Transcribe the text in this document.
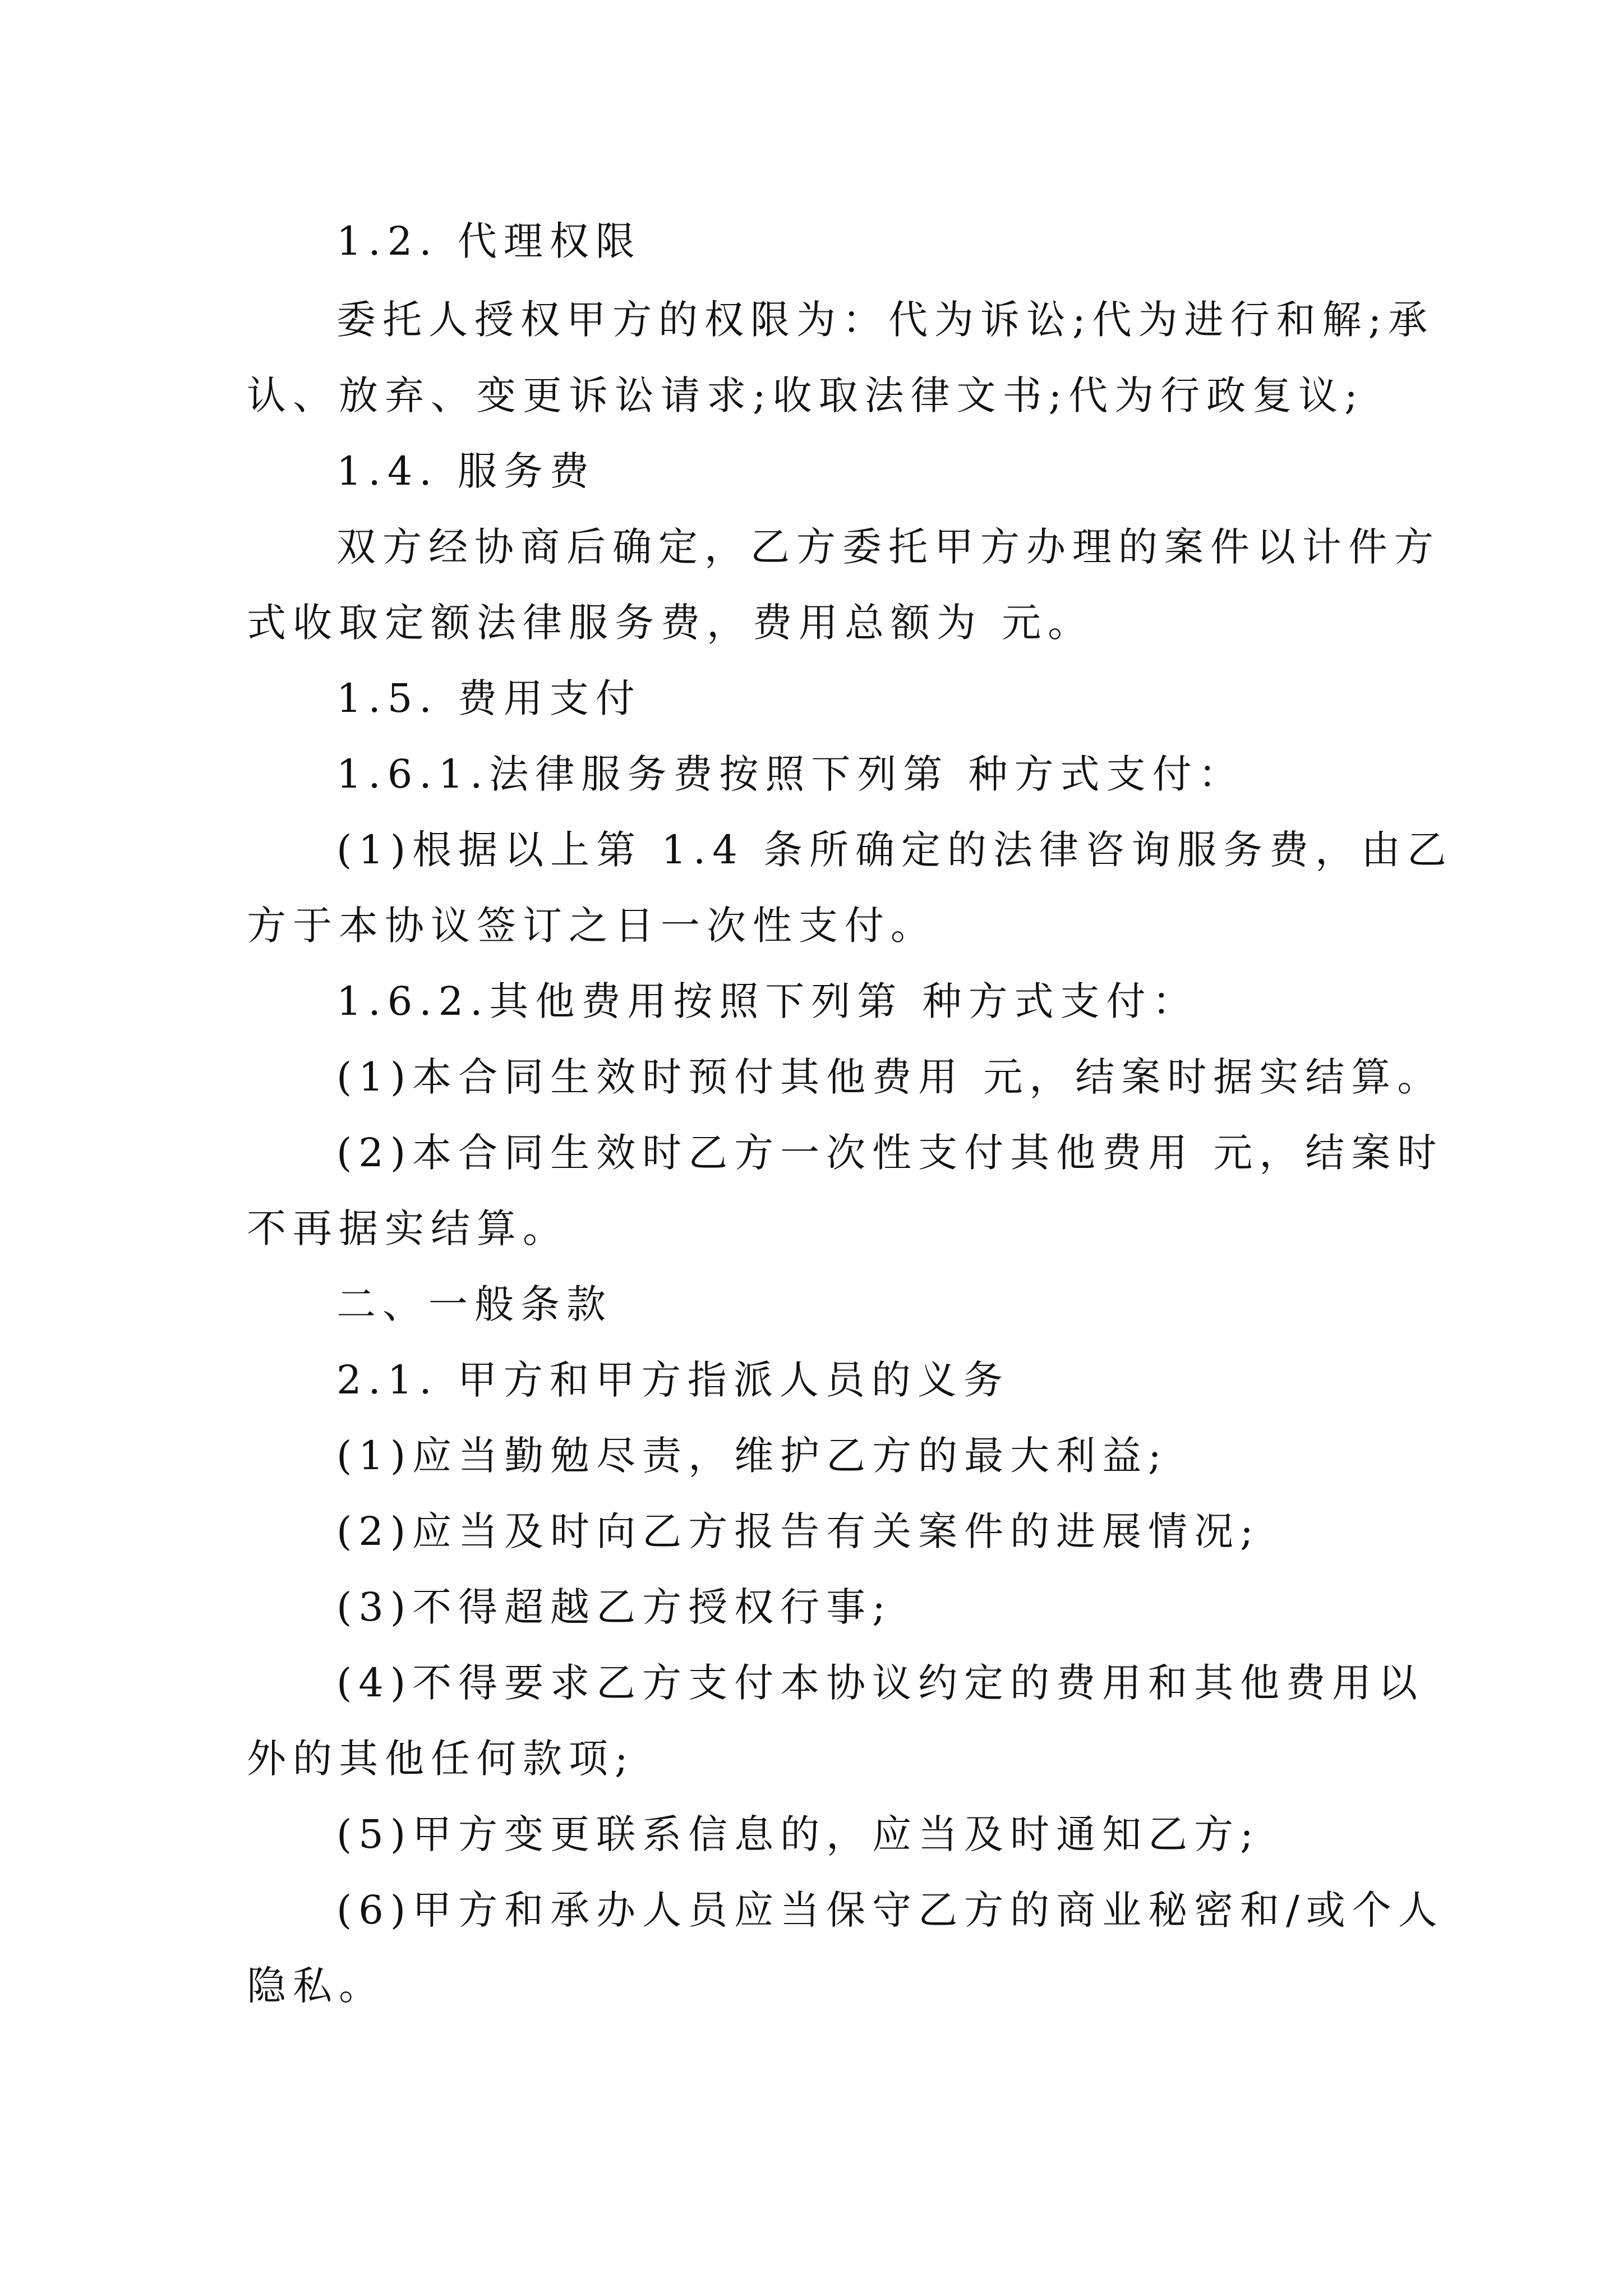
1.2. 代理权限

委托人授权甲方的权限为：代为诉讼;代为进行和解;承

认、放弃、变更诉讼请求;收取法律文书;代为行政复议;

1.4. 服务费

双方经协商后确定，乙方委托甲方办理的案件以计件方

式收取定额法律服务费，费用总额为 元。

1.5. 费用支付

1.6.1.法律服务费按照下列第 种方式支付：

(1)根据以上第 1.4 条所确定的法律咨询服务费，由乙

方于本协议签订之日一次性支付。

1.6.2.其他费用按照下列第 种方式支付：

(1)本合同生效时预付其他费用 元，结案时据实结算。

(2)本合同生效时乙方一次性支付其他费用 元，结案时

不再据实结算。

二、一般条款

2.1. 甲方和甲方指派人员的义务

(1)应当勤勉尽责，维护乙方的最大利益;

(2)应当及时向乙方报告有关案件的进展情况;

(3)不得超越乙方授权行事;

(4)不得要求乙方支付本协议约定的费用和其他费用以

外的其他任何款项;

(5)甲方变更联系信息的，应当及时通知乙方;

(6)甲方和承办人员应当保守乙方的商业秘密和/或个人

隐私。
